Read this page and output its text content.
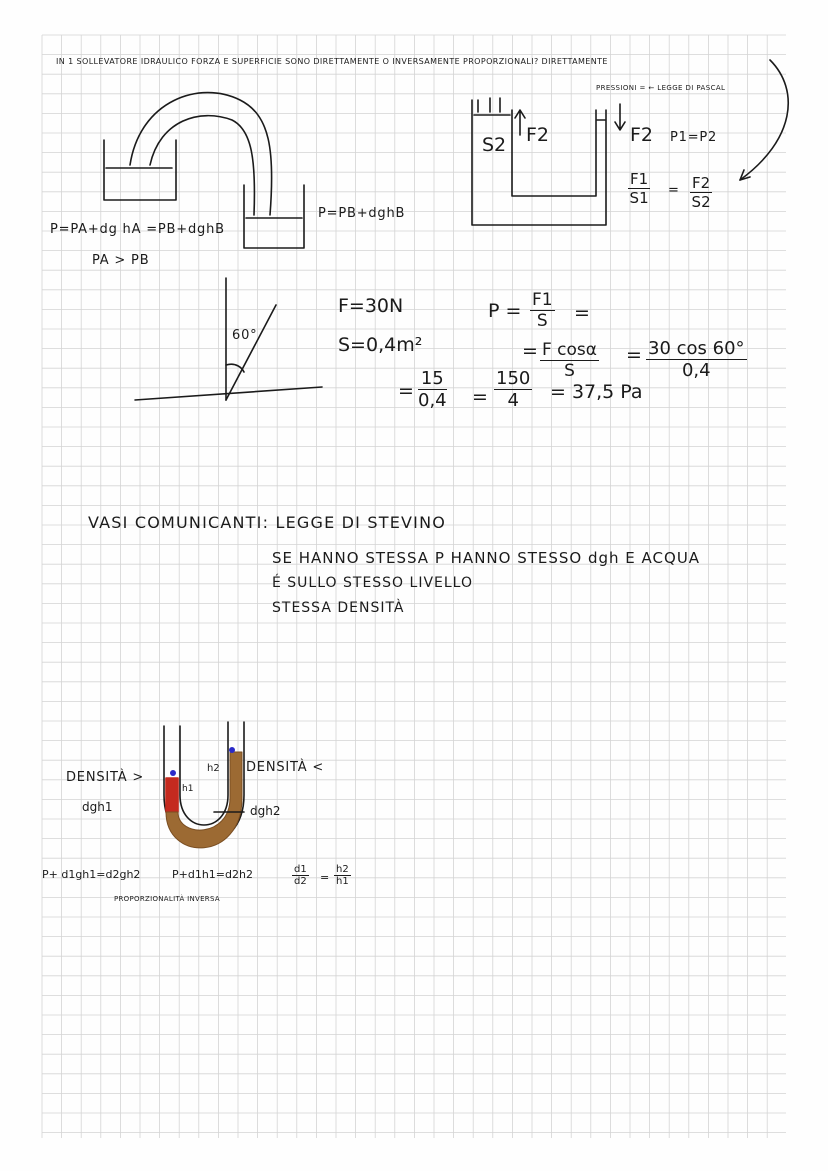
IN 1 SOLLEVATORE IDRAULICO FORZA E SUPERFICIE SONO DIRETTAMENTE O INVERSAMENTE PROPORZIONALI? DIRETTAMENTE
PRESSIONI = ← LEGGE DI PASCAL
P=PA+dg hA =PB+dghB
PA > PB
P=PB+dghB
S2 F2	F2 P1=P2
$\frac{F1}{S1} = \frac{F2}{S2}$
60°
F=30N
S=0,4m²
$P = \frac{F1}{S}$ =
= $\frac{\text{F cosα}}{S} = \frac{30 \cos 60^\circ}{0,4}$
= $\frac{15}{0,4} = \frac{150}{4} = 37,5$ Pa
VASI COMUNICANTI: LEGGE DI STEVINO
SE HANNO STESSA P HANNO STESSO dgh E ACQUA
É SULLO STESSO LIVELLO
STESSA DENSITÀ
DENSITÀ >
dgh1
h1
h2 DENSITÀ <
dgh2
P+ d1gh1=d2gh2	P+d1h1=d2h2	$\frac{d1}{d2} = \frac{h2}{h1}$
PROPORZIONALITÀ INVERSA
